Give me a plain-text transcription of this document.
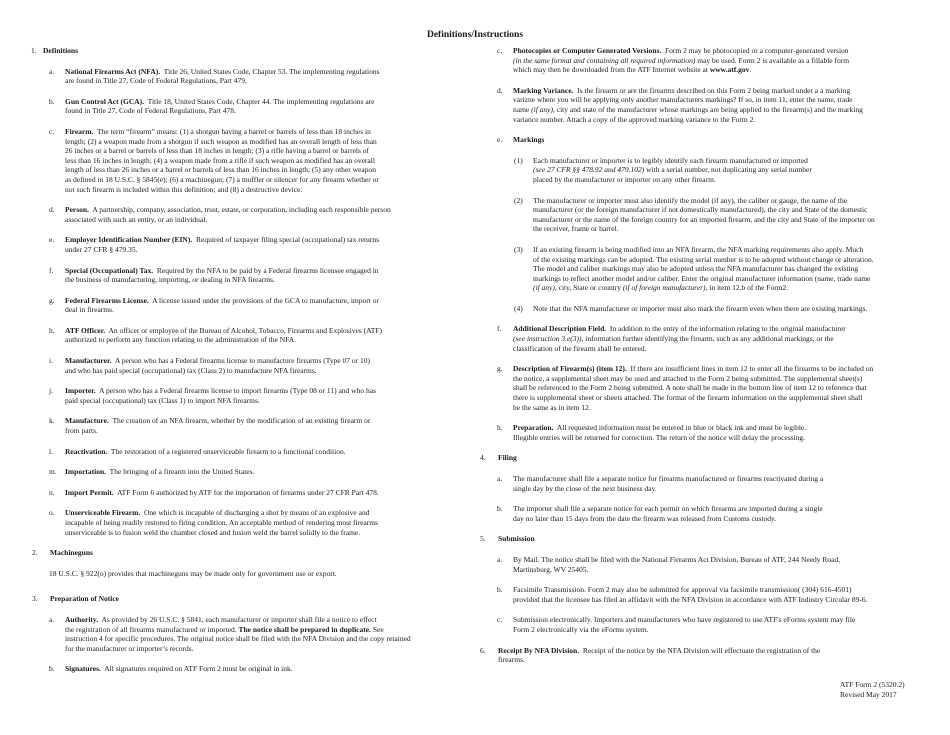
Definitions/Instructions
1. Definitions
a. National Firearms Act (NFA). Title 26, United States Code, Chapter 53. The implementing regulations
are found in Title 27, Code of Federal Regulations, Part 479.
b. Gun Control Act (GCA). Title 18, United States Code, Chapter 44. The implementing regulations are
found in Title 27, Code of Federal Regulations, Part 478.
c. Firearm. The term “firearm” means: (1) a shotgun having a barrel or barrels of less than 18 inches in
length; (2) a weapon made from a shotgun if such weapon as modified has an overall length of less than
26 inches or a barrel or barrels of less than 18 inches in length; (3) a rifle having a barrel or barrels of
less than 16 inches in length; (4) a weapon made from a rifle if such weapon as modified has an overall
length of less than 26 inches or a barrel or barrels of less than 16 inches in length; (5) any other weapon
as defined in 18 U.S.C. § 5845(e); (6) a machinegun; (7) a muffler or silencer for any firearm whether or
not such firearm is included within this definition; and (8) a destructive device.
d. Person. A partnership, company, association, trust, estate, or corporation, including each responsible person
associated with such an entity, or an individual.
e. Employer Identification Number (EIN). Required of taxpayer filing special (occupational) tax returns
under 27 CFR § 479.35.
f. Special (Occupational) Tax. Required by the NFA to be paid by a Federal firearms licensee engaged in
the business of manufacturing, importing, or dealing in NFA firearms.
g. Federal Firearms License. A license issued under the provisions of the GCA to manufacture, import or
deal in firearms.
h. ATF Officer. An officer or employee of the Bureau of Alcohol, Tobacco, Firearms and Explosives (ATF)
authorized to perform any function relating to the administration of the NFA.
i. Manufacturer. A person who has a Federal firearms license to manufacture firearms (Type 07 or 10)
and who has paid special (occupational) tax (Class 2) to manufacture NFA firearms.
j. Importer. A person who has a Federal firearms license to import firearms (Type 08 or 11) and who has
paid special (occupational) tax (Class 1) to import NFA firearms.
k. Manufacture. The creation of an NFA firearm, whether by the modification of an existing firearm or
from parts.
l. Reactivation. The restoration of a registered unserviceable firearm to a functional condition.
m. Importation. The bringing of a firearm into the United States.
n. Import Permit. ATF Form 6 authorized by ATF for the importation of firearms under 27 CFR Part 478.
o. Unserviceable Firearm. One which is incapable of discharging a shot by means of an explosive and
incapable of being readily restored to firing condition. An acceptable method of rendering most firearms
unserviceable is to fusion weld the chamber closed and fusion weld the barrel solidly to the frame.
2. Machineguns
18 U.S.C. § 922(o) provides that machineguns may be made only for government use or export.
3. Preparation of Notice
a. Authority. As provided by 26 U.S.C. § 5841, each manufacturer or importer shall file a notice to effect
the registration of all firearms manufactured or imported. The notice shall be prepared in duplicate. See
instruction 4 for specific procedures. The original notice shall be filed with the NFA Division and the copy retained
for the manufacturer or importer’s records.
b. Signatures. All signatures required on ATF Form 2 must be original in ink.
c. Photocopies or Computer Generated Versions. Form 2 may be photocopied or a computer-generated version
(in the same format and containing all required information) may be used. Form 2 is available as a fillable form
which may then be downloaded from the ATF Internet website at www.atf.gov.
d. Marking Variance. Is the firearm or are the firearms described on this Form 2 being marked under a a marking
varizne where you will be applying only another manufacturers markings? If so, in item 11, enter the name, trade
name (if any), city and state of the manufacturer whose markings are being applied to the firearm(s) and the marking
variance number. Attach a copy of the approved marking variance to the Form 2.
e. Markings
(1) Each manufacturer or importer is to legibly identify each firearm manufactured or imported
(see 27 CFR §§ 478.92 and 479.102) with a serial number, not duplicating any serial number
placed by the manufacturer or importer on any other firearm.
(2) The manufacturer or importer must also identify the model (if any), the caliber or gauge, the name of the
manufacturer (or the foreign manufacturer if not domestically manufactured), the city and State of the domestic
manufacturer or the name of the foreign country for an imported firearm, and the city and State of the importer on
the receiver, frame or barrel.
(3) If an existing firearm is being modified into an NFA firearm, the NFA marking requirements also apply. Much
of the existing markings can be adopted. The existing serial number is to be adopted without change or alteration.
The model and caliber markings may also be adopted unless the NFA manufacturer has changed the existing
markings to reflect another model and/or caliber. Enter the original manufacturer information (name, trade name
(if any), city, State or country (if of foreign manufacturer), in item 12.b of the Form2.
(4) Note that the NFA manufacturer or importer must also mark the firearm even when there are existing markings.
f. Additional Description Field. In addition to the entry of the information relating to the original manufacturer
(see instruction 3.e(3)), information further identifying the firearm, such as any additional markings, or the
classification of the firearm shall be entered.
g. Description of Firearm(s) (item 12). If there are insufficient lines in item 12 to enter all the firearms to be included on
the notice, a supplemental sheet may be used and attached to the Form 2 being submitted. The supplemental sheet(s)
shall be referenced to the Form 2 being submitted. A note shall be made in the bottom line of item 12 to reference that
there is supplemental sheet or sheets attached. The format of the firearm information on the supplemental sheet shall
be the same as in item 12.
h. Preparation. All requested information must be entered in blue or black ink and must be legible.
Illegible entries will be returned for correction. The return of the notice will delay the processing.
4. Filing
a. The manufacturer shall file a separate notice for firearms manufactured or firearms reactivated during a
single day by the close of the next business day.
b. The importer shall file a separate notice for each permit on which firearms are imported during a single
day no later than 15 days from the date the firearm was released from Customs custody.
5. Submission
a. By Mail. The notice shall be filed with the National Firearms Act Division, Bureau of ATF, 244 Needy Road,
Martinsburg, WV 25405.
b. Facsimile Transmission. Form 2 may also be submitted for approval via facsimile transmission( (304) 616-4501)
provided that the licensee has filed an affidavit with the NFA Division in accordance with ATF Industry Circular 89-6.
c. Submission electronically. Importers and manufacturers who have registered to use ATF's eForms system may file
Form 2 electronically via the eForms system.
6. Receipt By NFA Division. Receipt of the notice by the NFA Division will effectuate the registration of the
firearms.
ATF Form 2 (5320.2)
Revised May 2017
